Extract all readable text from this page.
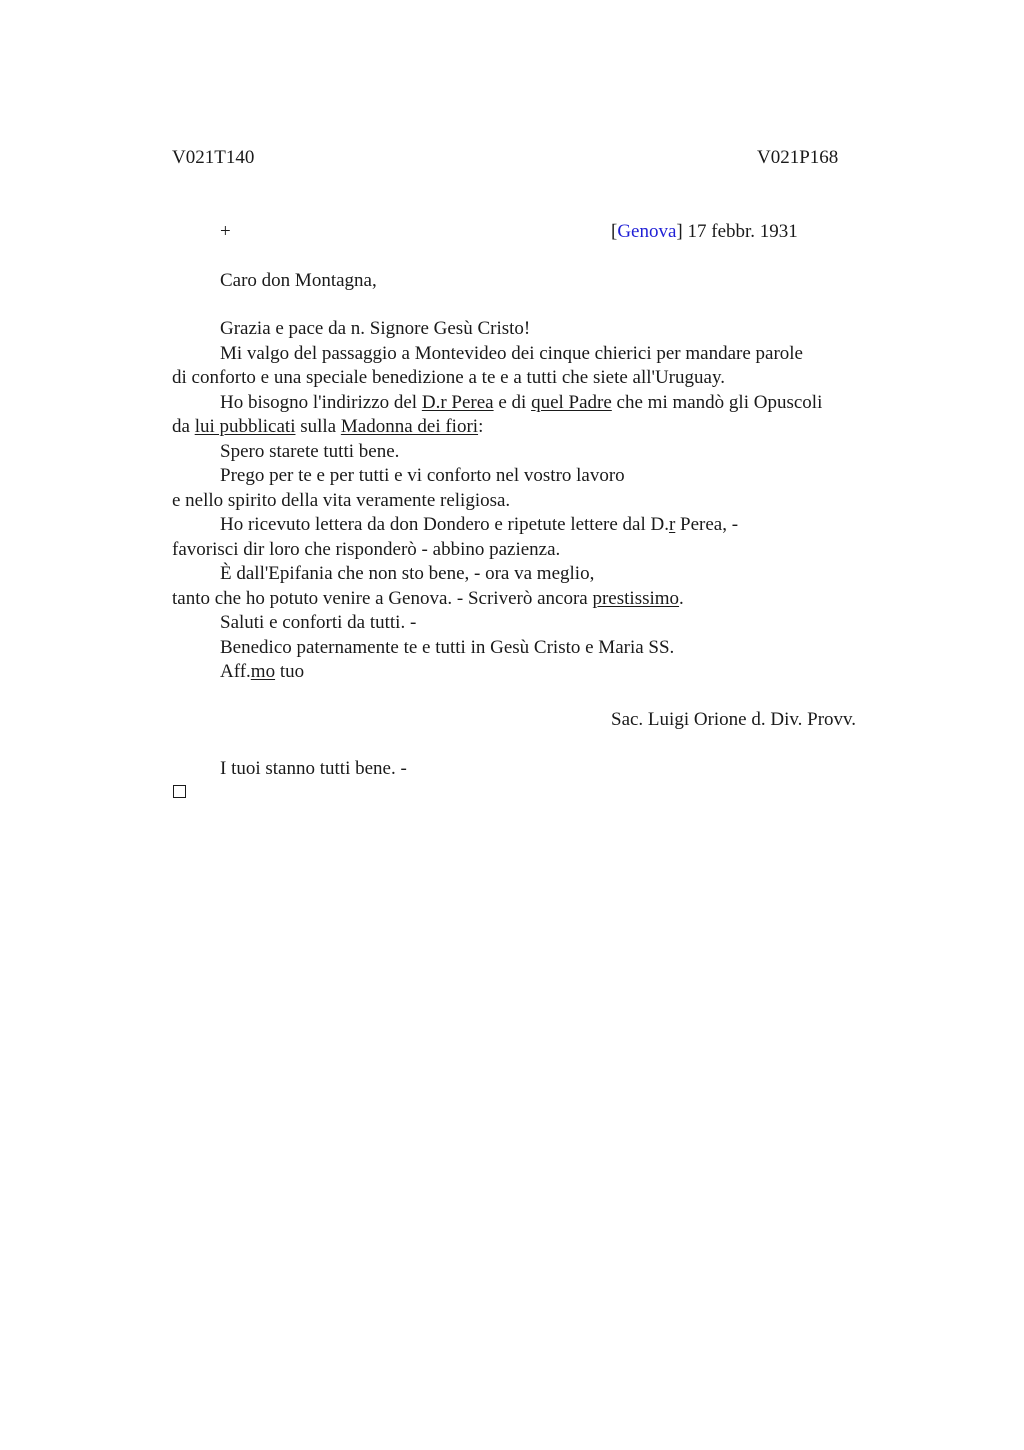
V021T140	V021P168
+	[Genova] 17 febbr. 1931
Caro don Montagna,
Grazia e pace da n. Signore Gesù Cristo!
Mi valgo del passaggio a Montevideo dei cinque chierici per mandare parole
di conforto e una speciale benedizione a te e a tutti che siete all'Uruguay.
Ho bisogno l'indirizzo del D.r Perea e di quel Padre che mi mandò gli Opuscoli
da lui pubblicati sulla Madonna dei fiori:
Spero starete tutti bene.
Prego per te e per tutti e vi conforto nel vostro lavoro
e nello spirito della vita veramente religiosa.
Ho ricevuto lettera da don Dondero e ripetute lettere dal D.r Perea, -
favorisci dir loro che risponderò - abbino pazienza.
È dall'Epifania che non sto bene, - ora va meglio,
tanto che ho potuto venire a Genova. - Scriverò ancora prestissimo.
Saluti e conforti da tutti. -
Benedico paternamente te e tutti in Gesù Cristo e Maria SS.
Aff.mo tuo
Sac. Luigi Orione d. Div. Provv.
I tuoi stanno tutti bene. -
